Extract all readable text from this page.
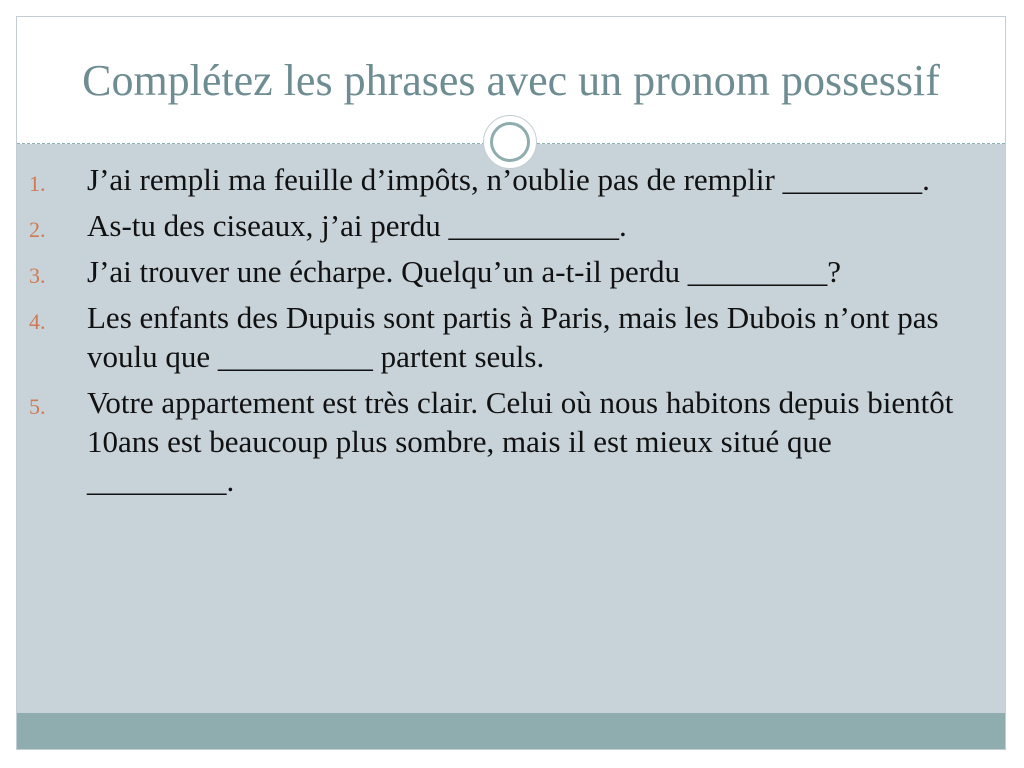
Complétez les phrases avec un pronom possessif
1. J’ai rempli ma feuille d’impôts, n’oublie pas de remplir _________.
2. As-tu des ciseaux, j’ai perdu ___________.
3. J’ai trouver une écharpe. Quelqu’un a-t-il perdu _________?
4. Les enfants des Dupuis sont partis à Paris, mais les Dubois n’ont pas voulu que __________ partent seuls.
5. Votre appartement est très clair. Celui où nous habitons depuis bientôt 10ans est beaucoup plus sombre, mais il est mieux situé que _________.
